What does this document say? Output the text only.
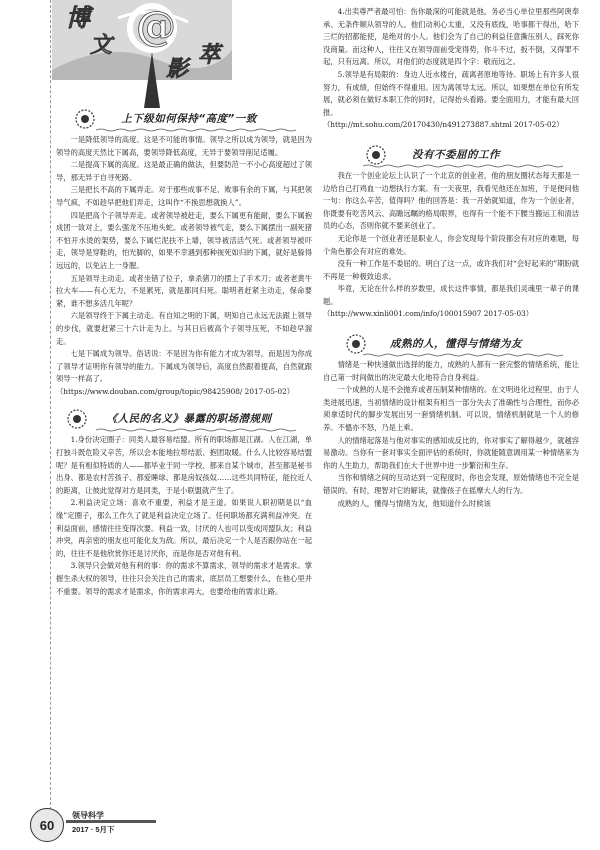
博
文 @
影
萃
上下级如何保持“高度”一致

一是降低领导的高度。这是不可能的事情。领导之所以成为领导，就是因为领导的高度天然比下属高，要领导降低高度，无异于要领导削足适履。

二是提高下属的高度。这是最正确的做法，但要防范一不小心高度超过了领导，那无异于自寻死路。

三是把长不高的下属弄走。对于那些成事不足、败事有余的下属，与其把领导气疯，不如趁早把他们弄走，这叫作“不换思想就换人”。

四是把高个子领导弄走。或者领导被赶走，要么下属更有能耐，要么下属抱成团一致对上，要么强龙不压地头蛇。或者领导被气走，要么下属摆出一副死猪不怕开水烫的架势，要么下属烂泥扶不上墙，领导被活活气死。或者领导被吓走，领导是穿鞋的，怕光脚的，如果不幸遇到那种视死如归的下属，就好是躲得远远的，以免沾上一身腥。

五是领导主动走。或者坐错了位子，拿杀猪刀的摆上了手术刀；或者老黄牛拉大车——有心无力，不是累死，就是都同归死。聪明者赶紧主动走，保命要紧，谁不想多活几年呢？

六是领导终于下属主动走。有自知之明的下属，明知自己永远无法跟上领导的步伐，就要赶紧三十六计走为上。与其日后被高个子领导压死，不如趁早溜走。

七是下属成为领导。俗话说：不是因为你有能力才成为领导，而是因为你成了领导才证明你有领导的能力。下属成为领导后，高度自然跟着提高，自然就跟领导一样高了。

（https://www.douban.com/group/topic/98425908/ 2017-05-02）

《人民的名义》暴露的职场潜规则

1.身份决定圈子：同类人最容易结盟。所有的职场都是江湖。人在江湖，单打独斗既危险又辛苦，所以会本能地拉帮结派、抱团取暖。什么人比较容易结盟呢？是有相似特质的人——都毕业于同一学校、都来自某个城市，甚至都是秘书出身、都是农村苦孩子、都爱睡球、都是房奴孩奴……这些共同特征，能拉近人的距离，让彼此觉得对方是同类，于是小联盟就产生了。

2.利益决定立场：喜欢不重要，利益才是王道。如果说人职初期是以“血缘”定圈子，那么工作久了就是利益决定立场了。任何职场都充满利益冲突。在利益面前，感情往往变得次要。利益一致，讨厌的人也可以变成同盟队友；利益冲突，再亲密的朋友也可能化友为敌。所以，最后决定一个人是否跟你站在一起的，往往不是他欣赏你还是讨厌你，而是你是否对他有利。

3.领导只会做对他有利的事：你的需求不算需求，领导的需求才是需求。掌握生杀大权的领导，往往只会关注自己的需求，底层员工想要什么，在他心里并不重要。领导的需求才是需求，你的需求再大，也要给他的需求让路。

4.出卖尊严者最可怕：伤你最深的可能就是他。务必当心单位里那些阿谀奉承、无条件顺从领导的人。他们动利心太重，又没有底线，哈事都干得出，哈下三烂的招都能使，是绝对的小人。他们会为了自己的利益任意撕压别人，踩死你没商量。而这种人，往往又在领导面前受宠得势，你斗不过，扳不倒，又得罪不起，只有远离。所以，对他们的态度就是四个字：敬而远之。

5.领导是有局限的：身边人近水楼台，疏离者原地等待。职场上有许多人很努力，有成绩，但始终不得重用。因为离领导太远。所以，如果想在单位有所发展，就必须在做好本职工作的同时，记得抬头看路。要全面用力，才能有最大回报。

（http://mt.sohu.com/20170430/n491273887.shtml 2017-05-02）

没有不委屈的工作

我在一个创业论坛上认识了一个北京的创业者，他的朋友圈状态每天都是一边给自己打鸡血一边想执行方案。有一天夜里，我看见他还在加班，于是便问他一句：你这么辛苦，值得吗？他的回答是：我一开始就知道，作为一个创业者，你既要有吃苦风云、高瞻远瞩的格局眼界，也得有一个能不下腰当搬运工和清洁员的心态，否则你就不要来创业了。

无论你是一个创业者还是职业人，你会发现每个阶段都会有对应的难题，每个角色都会有对应的难处。

没有一种工作是不委屈的。明白了这一点，或许我们对“会好起来的”期盼就不再是一种极致追求。

毕竟，无论在什么样的岁数里，成长这件事情，都是我们灵魂里一辈子的课题。

（http://www.xinli001.com/info/100015907 2017-05-03）

成熟的人，懂得与情绪为友

情绪是一种快速做出选择的能力，成熟的人都有一套完整的情绪系统，能让自己第一时间做出的决定最大化地符合自身利益。

一个成熟的人是不会抛弃或者压制某种情绪的。在文明进化过程里，由于人类进展迅速，当初情绪的设计框架有相当一部分失去了准确性与合理性，而你必须拿适时代的脚步发展出另一套情绪机制。可以说，情绪机制就是一个人的修养。不慍亦不怒，乃是上乘。

人的情绪起落是与他对事实的感知成反比的，你对事实了解得越少，就越容易激动。当你有一套对事实全面评估的系统时，你就能随意调用某一种情绪来为你的人生助力，帮助我们在大千世界中进一步繁衍和生存。

当你和情绪之间的互动达到一定程度时，你也会发现，原始情绪也不完全是错误的。有时，理智对它的解读，就像孩子在摇摩大人的行为。

成熟的人，懂得与情绪为友，他知道什么时候该

60
领导科学
2017 · 5月下
